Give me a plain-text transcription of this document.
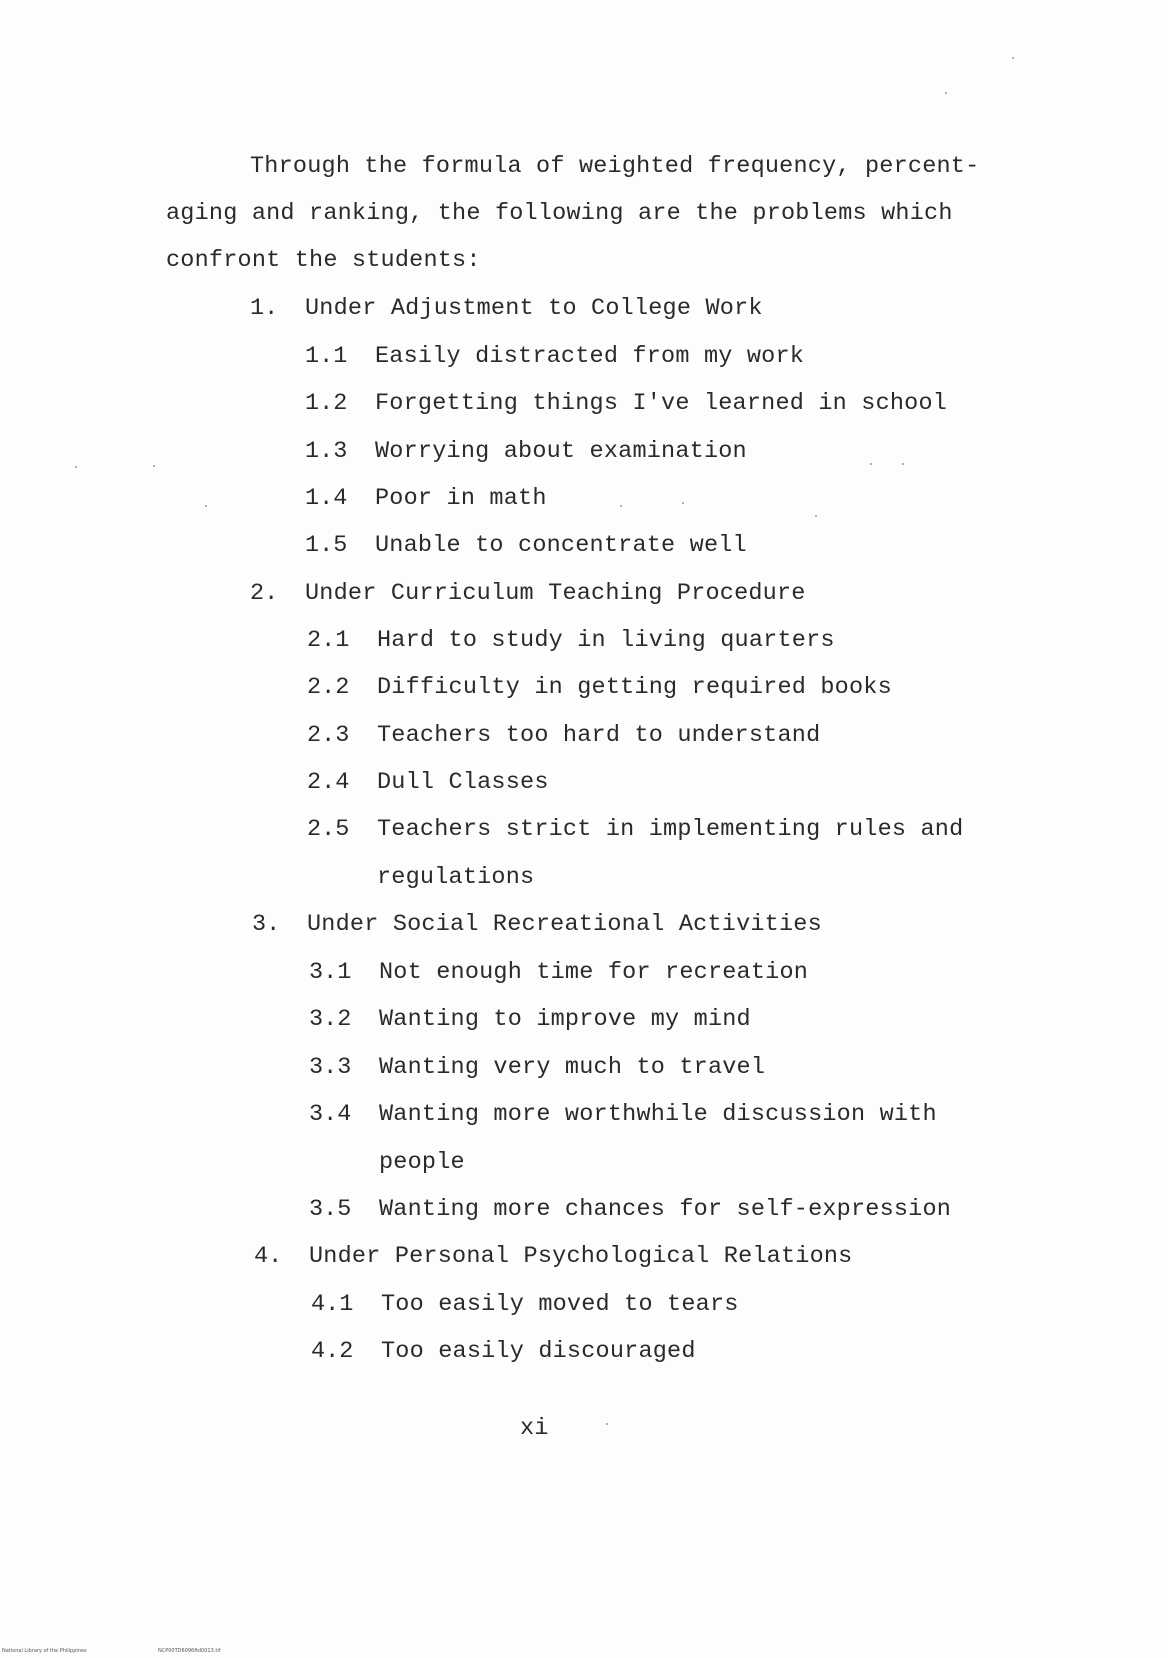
Through the formula of weighted frequency, percent-
aging and ranking, the following are the problems which
confront the students:
1. Under Adjustment to College Work
1.1 Easily distracted from my work
1.2 Forgetting things I've learned in school
1.3 Worrying about examination
1.4 Poor in math
1.5 Unable to concentrate well
2. Under Curriculum Teaching Procedure
2.1 Hard to study in living quarters
2.2 Difficulty in getting required books
2.3 Teachers too hard to understand
2.4 Dull Classes
2.5 Teachers strict in implementing rules and
regulations
3. Under Social Recreational Activities
3.1 Not enough time for recreation
3.2 Wanting to improve my mind
3.3 Wanting very much to travel
3.4 Wanting more worthwhile discussion with
people
3.5 Wanting more chances for self-expression
4. Under Personal Psychological Relations
4.1 Too easily moved to tears
4.2 Too easily discouraged
xi
National Library of the Philippines	NCP00TD6096ftd0013.tif
